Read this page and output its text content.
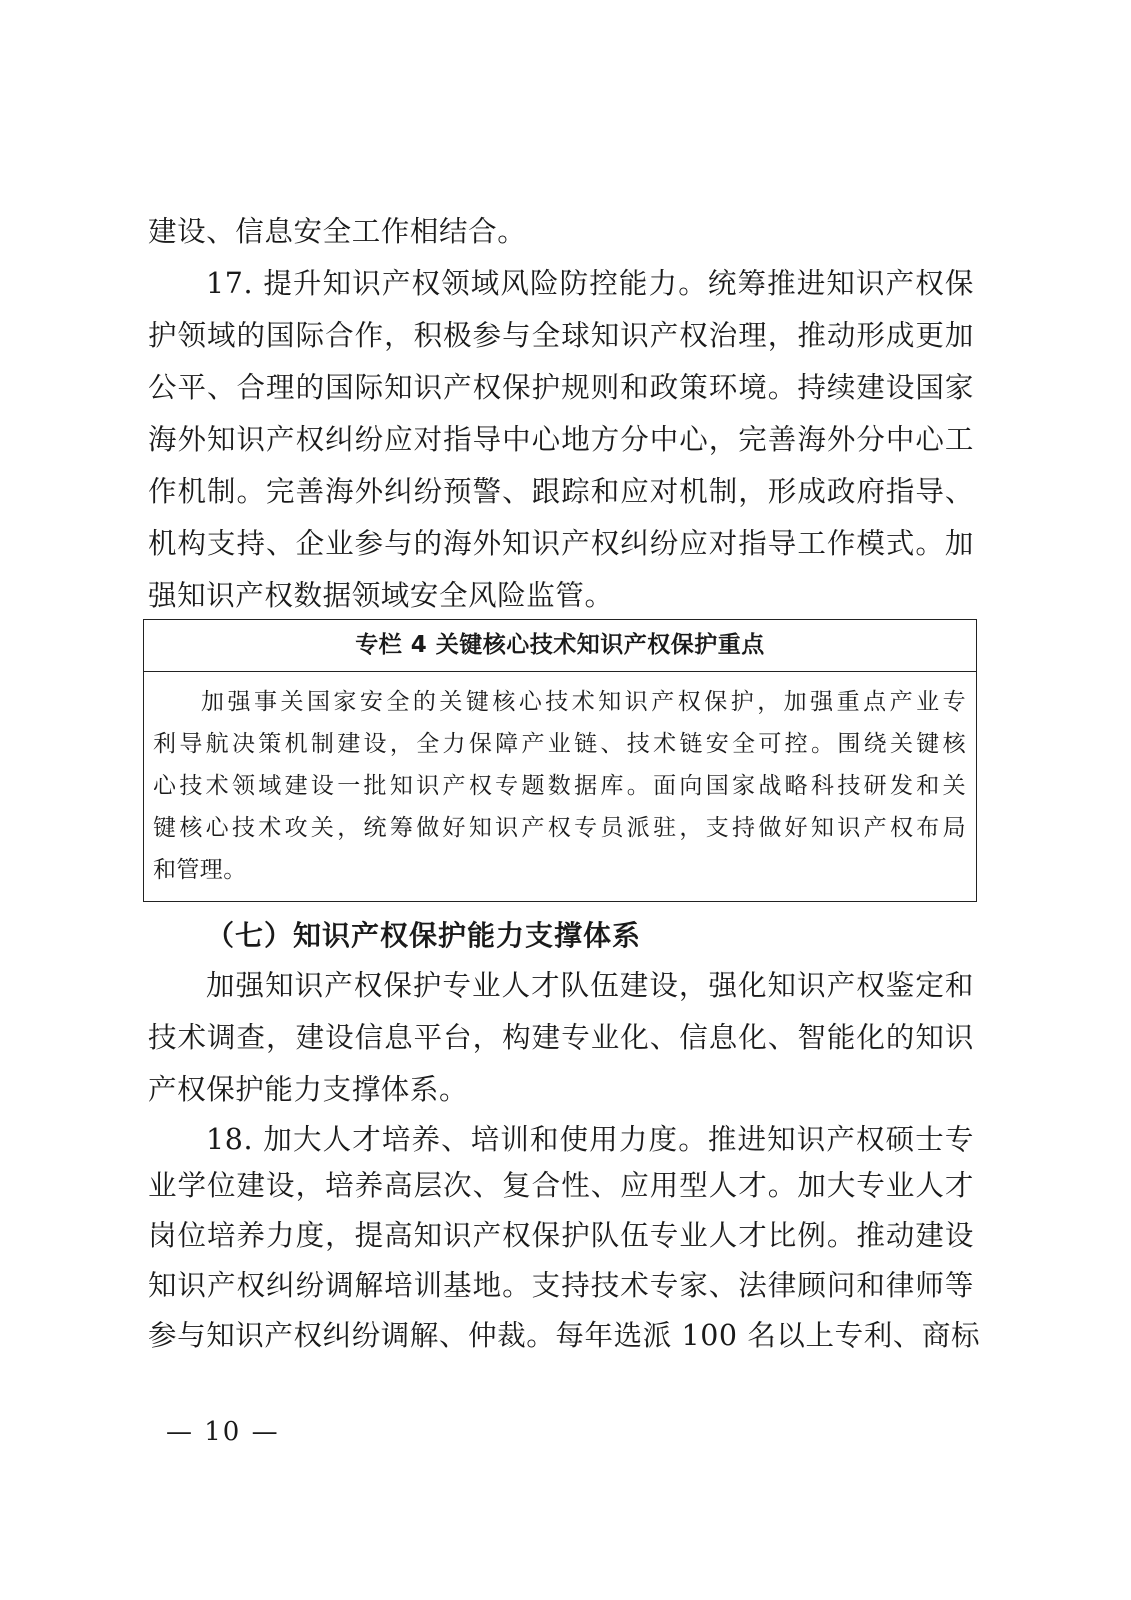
建设、信息安全工作相结合。
17. 提升知识产权领域风险防控能力。统筹推进知识产权保
护领域的国际合作，积极参与全球知识产权治理，推动形成更加
公平、合理的国际知识产权保护规则和政策环境。持续建设国家
海外知识产权纠纷应对指导中心地方分中心，完善海外分中心工
作机制。完善海外纠纷预警、跟踪和应对机制，形成政府指导、
机构支持、企业参与的海外知识产权纠纷应对指导工作模式。加
强知识产权数据领域安全风险监管。
专栏 4 关键核心技术知识产权保护重点
加强事关国家安全的关键核心技术知识产权保护，加强重点产业专
利导航决策机制建设，全力保障产业链、技术链安全可控。围绕关键核
心技术领域建设一批知识产权专题数据库。面向国家战略科技研发和关
键核心技术攻关，统筹做好知识产权专员派驻，支持做好知识产权布局
和管理。
（七）知识产权保护能力支撑体系
加强知识产权保护专业人才队伍建设，强化知识产权鉴定和
技术调查，建设信息平台，构建专业化、信息化、智能化的知识
产权保护能力支撑体系。
18. 加大人才培养、培训和使用力度。推进知识产权硕士专
业学位建设，培养高层次、复合性、应用型人才。加大专业人才
岗位培养力度，提高知识产权保护队伍专业人才比例。推动建设
知识产权纠纷调解培训基地。支持技术专家、法律顾问和律师等
参与知识产权纠纷调解、仲裁。每年选派 100 名以上专利、商标
— 10 —
